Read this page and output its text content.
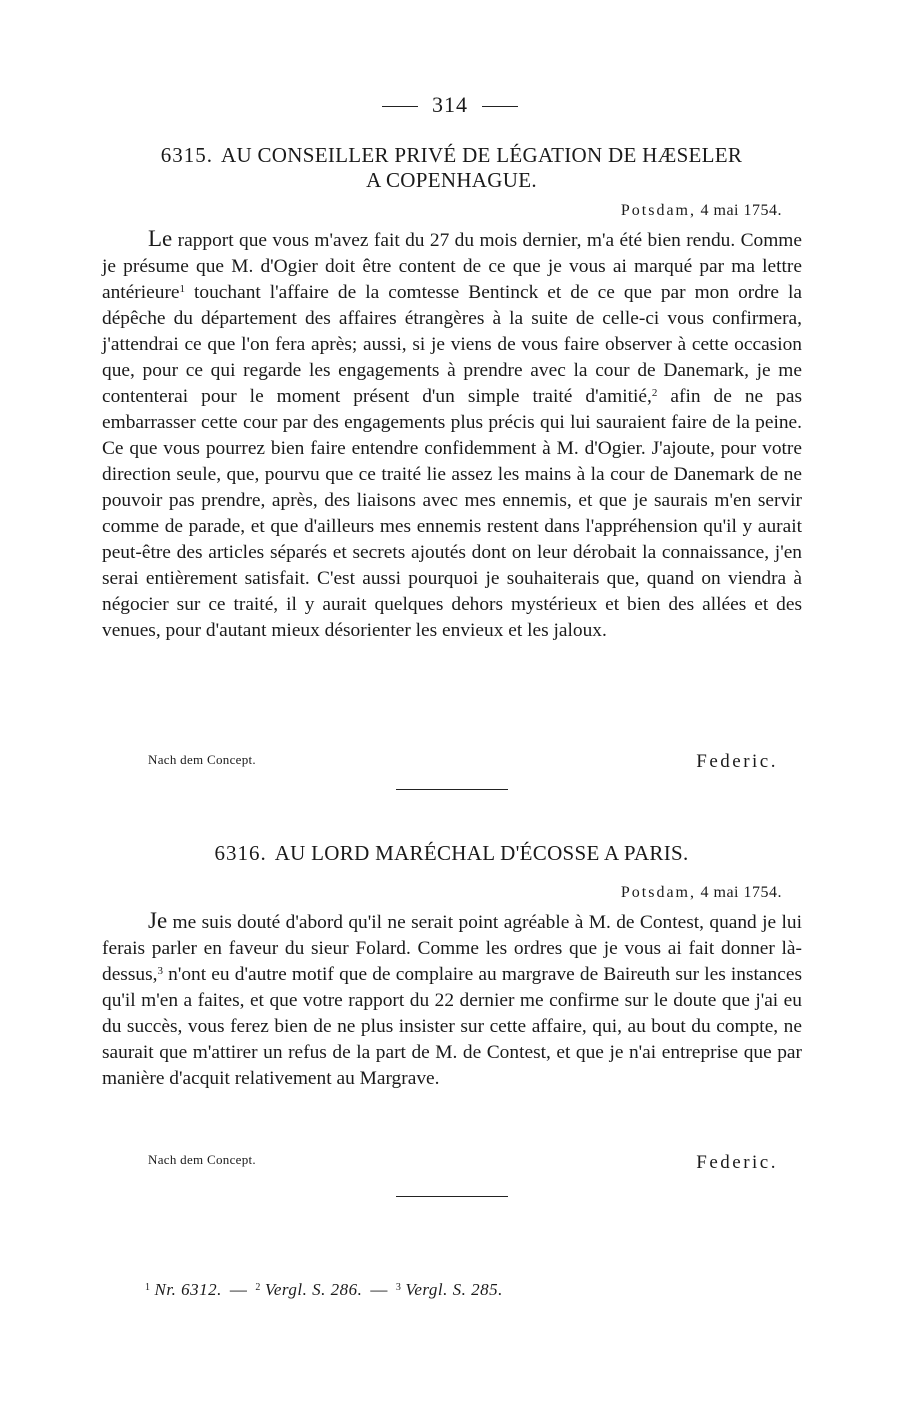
314
6315. AU CONSEILLER PRIVÉ DE LÉGATION DE HÆSELER
A COPENHAGUE.
Potsdam, 4 mai 1754.

Le rapport que vous m'avez fait du 27 du mois dernier, m'a été bien rendu. Comme je présume que M. d'Ogier doit être content de ce que je vous ai marqué par ma lettre antérieure$^1$ touchant l'affaire de la comtesse Bentinck et de ce que par mon ordre la dépêche du département des affaires étrangères à la suite de celle-ci vous confirmera, j'attendrai ce que l'on fera après; aussi, si je viens de vous faire observer à cette occasion que, pour ce qui regarde les engagements à prendre avec la cour de Danemark, je me contenterai pour le moment présent d'un simple traité d'amitié,$^2$ afin de ne pas embarrasser cette cour par des engagements plus précis qui lui sauraient faire de la peine. Ce que vous pourrez bien faire entendre confidemment à M. d'Ogier. J'ajoute, pour votre direction seule, que, pourvu que ce traité lie assez les mains à la cour de Danemark de ne pouvoir pas prendre, après, des liaisons avec mes ennemis, et que je saurais m'en servir comme de parade, et que d'ailleurs mes ennemis restent dans l'appréhension qu'il y aurait peut-être des articles séparés et secrets ajoutés dont on leur dérobait la connaissance, j'en serai entièrement satisfait. C'est aussi pourquoi je souhaiterais que, quand on viendra à négocier sur ce traité, il y aurait quelques dehors mystérieux et bien des allées et des venues, pour d'autant mieux désorienter les envieux et les jaloux.

Nach dem Concept.	Federic.
6316. AU LORD MARÉCHAL D'ÉCOSSE A PARIS.
Potsdam, 4 mai 1754.

Je me suis douté d'abord qu'il ne serait point agréable à M. de Contest, quand je lui ferais parler en faveur du sieur Folard. Comme les ordres que je vous ai fait donner là-dessus,$^3$ n'ont eu d'autre motif que de complaire au margrave de Baireuth sur les instances qu'il m'en a faites, et que votre rapport du 22 dernier me confirme sur le doute que j'ai eu du succès, vous ferez bien de ne plus insister sur cette affaire, qui, au bout du compte, ne saurait que m'attirer un refus de la part de M. de Contest, et que je n'ai entreprise que par manière d'acquit relativement au Margrave.

Nach dem Concept.	Federic.
$^1$ Nr. 6312. — $^2$ Vergl. S. 286. — $^3$ Vergl. S. 285.
